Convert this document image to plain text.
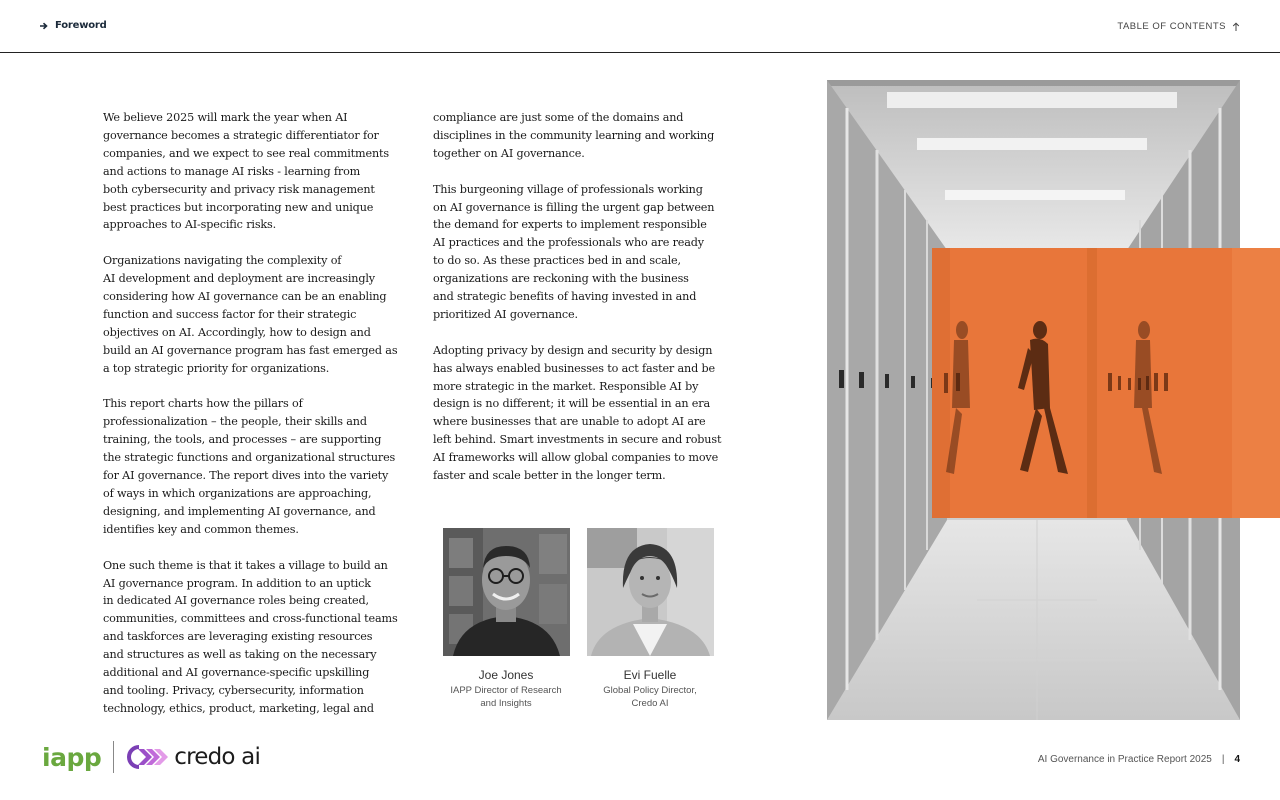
Foreword	TABLE OF CONTENTS

We believe 2025 will mark the year when AI
governance becomes a strategic differentiator for
companies, and we expect to see real commitments
and actions to manage AI risks - learning from
both cybersecurity and privacy risk management
best practices but incorporating new and unique
approaches to AI-specific risks.

Organizations navigating the complexity of
AI development and deployment are increasingly
considering how AI governance can be an enabling
function and success factor for their strategic
objectives on AI. Accordingly, how to design and
build an AI governance program has fast emerged as
a top strategic priority for organizations.

This report charts how the pillars of
professionalization – the people, their skills and
training, the tools, and processes – are supporting
the strategic functions and organizational structures
for AI governance. The report dives into the variety
of ways in which organizations are approaching,
designing, and implementing AI governance, and
identifies key and common themes.

One such theme is that it takes a village to build an
AI governance program. In addition to an uptick
in dedicated AI governance roles being created,
communities, committees and cross-functional teams
and taskforces are leveraging existing resources
and structures as well as taking on the necessary
additional and AI governance-specific upskilling
and tooling. Privacy, cybersecurity, information
technology, ethics, product, marketing, legal and

compliance are just some of the domains and
disciplines in the community learning and working
together on AI governance.

This burgeoning village of professionals working
on AI governance is filling the urgent gap between
the demand for experts to implement responsible
AI practices and the professionals who are ready
to do so. As these practices bed in and scale,
organizations are reckoning with the business
and strategic benefits of having invested in and
prioritized AI governance.

Adopting privacy by design and security by design
has always enabled businesses to act faster and be
more strategic in the market. Responsible AI by
design is no different; it will be essential in an era
where businesses that are unable to adopt AI are
left behind. Smart investments in secure and robust
AI frameworks will allow global companies to move
faster and scale better in the longer term.

Joe Jones
IAPP Director of Research
and Insights
Evi Fuelle
Global Policy Director,
Credo AI
iapp	credo ai	AI Governance in Practice Report 2025 | 4
